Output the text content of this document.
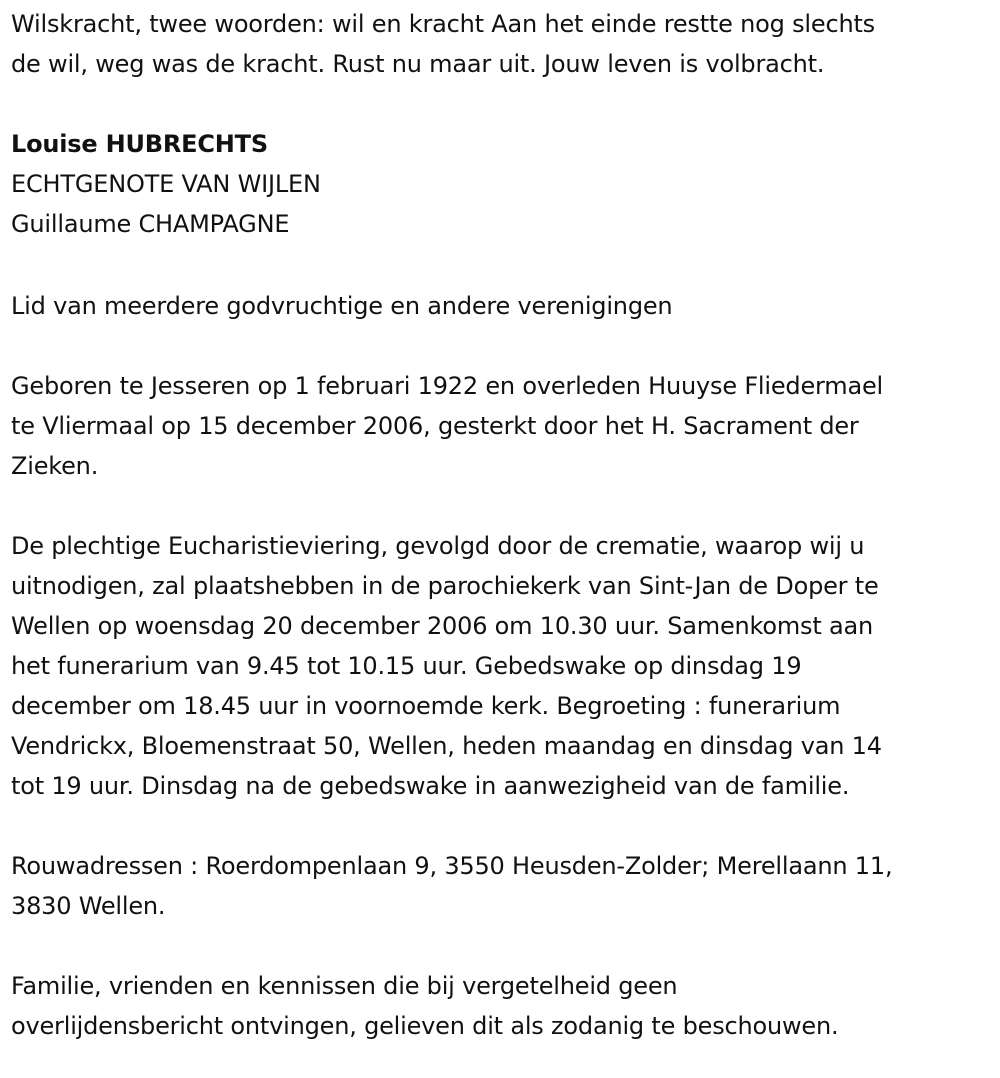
Wilskracht, twee woorden: wil en kracht Aan het einde restte nog slechts
de wil, weg was de kracht. Rust nu maar uit. Jouw leven is volbracht.
Louise HUBRECHTS
ECHTGENOTE VAN WIJLEN
Guillaume CHAMPAGNE
Lid van meerdere godvruchtige en andere verenigingen
Geboren te Jesseren op 1 februari 1922 en overleden Huuyse Fliedermael
te Vliermaal op 15 december 2006, gesterkt door het H. Sacrament der
Zieken.
De plechtige Eucharistieviering, gevolgd door de crematie, waarop wij u
uitnodigen, zal plaatshebben in de parochiekerk van Sint-Jan de Doper te
Wellen op woensdag 20 december 2006 om 10.30 uur. Samenkomst aan
het funerarium van 9.45 tot 10.15 uur. Gebedswake op dinsdag 19
december om 18.45 uur in voornoemde kerk. Begroeting : funerarium
Vendrickx, Bloemenstraat 50, Wellen, heden maandag en dinsdag van 14
tot 19 uur. Dinsdag na de gebedswake in aanwezigheid van de familie.
Rouwadressen : Roerdompenlaan 9, 3550 Heusden-Zolder; Merellaann 11,
3830 Wellen.
Familie, vrienden en kennissen die bij vergetelheid geen
overlijdensbericht ontvingen, gelieven dit als zodanig te beschouwen.
